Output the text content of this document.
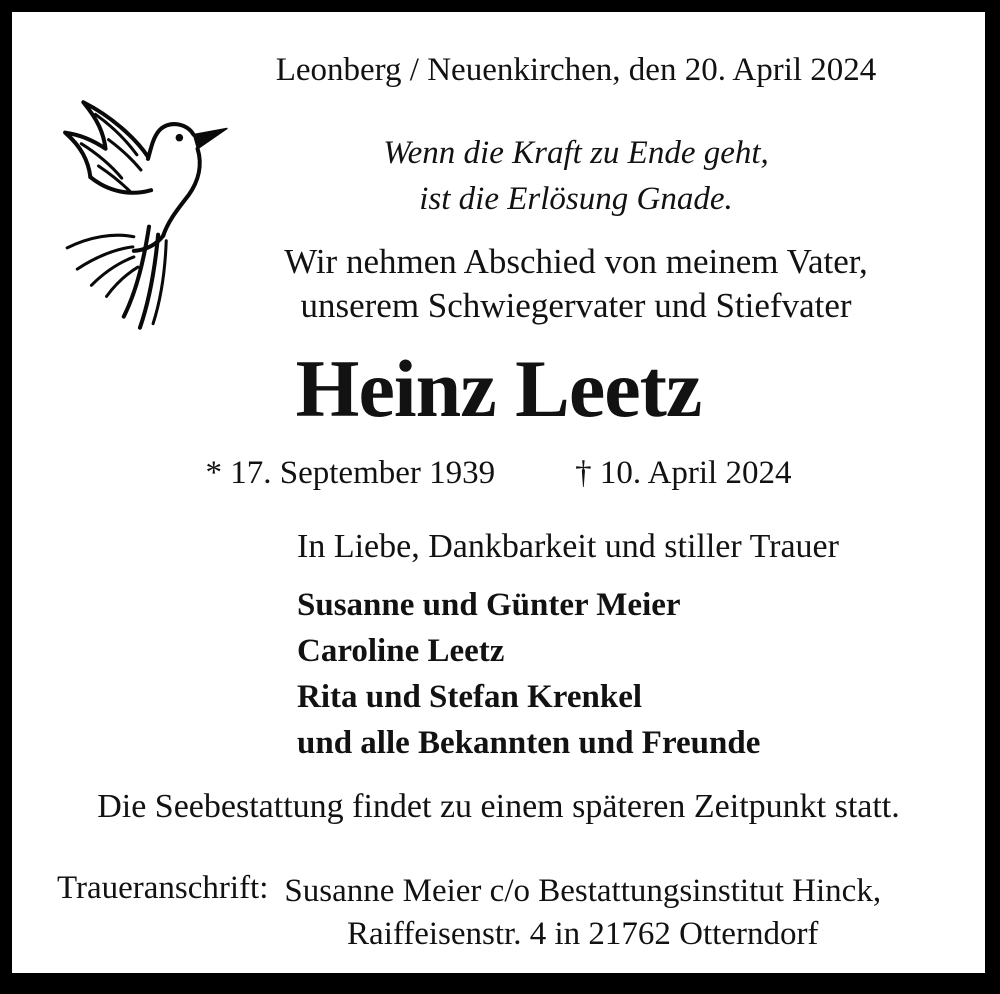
Leonberg / Neuenkirchen, den 20. April 2024
Wenn die Kraft zu Ende geht,
ist die Erlösung Gnade.
Wir nehmen Abschied von meinem Vater,
unserem Schwiegervater und Stiefvater
Heinz Leetz
* 17. September 1939 † 10. April 2024
In Liebe, Dankbarkeit und stiller Trauer
Susanne und Günter Meier
Caroline Leetz
Rita und Stefan Krenkel
und alle Bekannten und Freunde
Die Seebestattung findet zu einem späteren Zeitpunkt statt.
Traueranschrift: Susanne Meier c/o Bestattungsinstitut Hinck,
Raiffeisenstr. 4 in 21762 Otterndorf
